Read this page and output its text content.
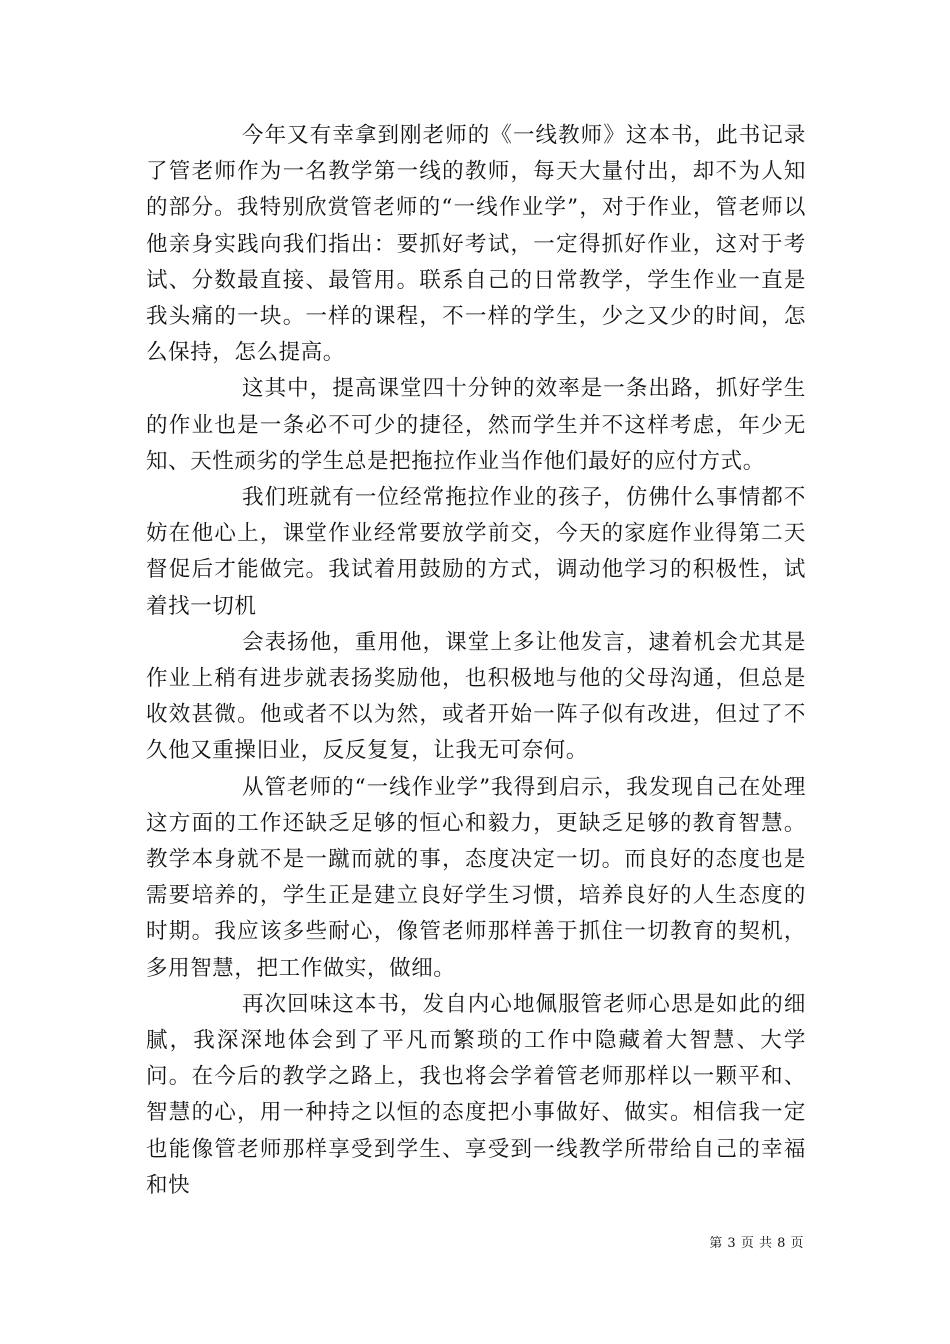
今年又有幸拿到刚老师的《一线教师》这本书，此书记录了管老师作为一名教学第一线的教师，每天大量付出，却不为人知的部分。我特别欣赏管老师的“一线作业学”，对于作业，管老师以他亲身实践向我们指出：要抓好考试，一定得抓好作业，这对于考试、分数最直接、最管用。联系自己的日常教学，学生作业一直是我头痛的一块。一样的课程，不一样的学生，少之又少的时间，怎么保持，怎么提高。

这其中，提高课堂四十分钟的效率是一条出路，抓好学生的作业也是一条必不可少的捷径，然而学生并不这样考虑，年少无知、天性顽劣的学生总是把拖拉作业当作他们最好的应付方式。

我们班就有一位经常拖拉作业的孩子，仿佛什么事情都不妨在他心上，课堂作业经常要放学前交，今天的家庭作业得第二天督促后才能做完。我试着用鼓励的方式，调动他学习的积极性，试着找一切机

会表扬他，重用他，课堂上多让他发言，逮着机会尤其是作业上稍有进步就表扬奖励他，也积极地与他的父母沟通，但总是收效甚微。他或者不以为然，或者开始一阵子似有改进，但过了不久他又重操旧业，反反复复，让我无可奈何。

从管老师的“一线作业学”我得到启示，我发现自己在处理这方面的工作还缺乏足够的恒心和毅力，更缺乏足够的教育智慧。教学本身就不是一蹴而就的事，态度决定一切。而良好的态度也是需要培养的，学生正是建立良好学生习惯，培养良好的人生态度的时期。我应该多些耐心，像管老师那样善于抓住一切教育的契机，多用智慧，把工作做实，做细。

再次回味这本书，发自内心地佩服管老师心思是如此的细腻，我深深地体会到了平凡而繁琐的工作中隐藏着大智慧、大学问。在今后的教学之路上，我也将会学着管老师那样以一颗平和、智慧的心，用一种持之以恒的态度把小事做好、做实。相信我一定也能像管老师那样享受到学生、享受到一线教学所带给自己的幸福和快

第 3 页 共 8 页
